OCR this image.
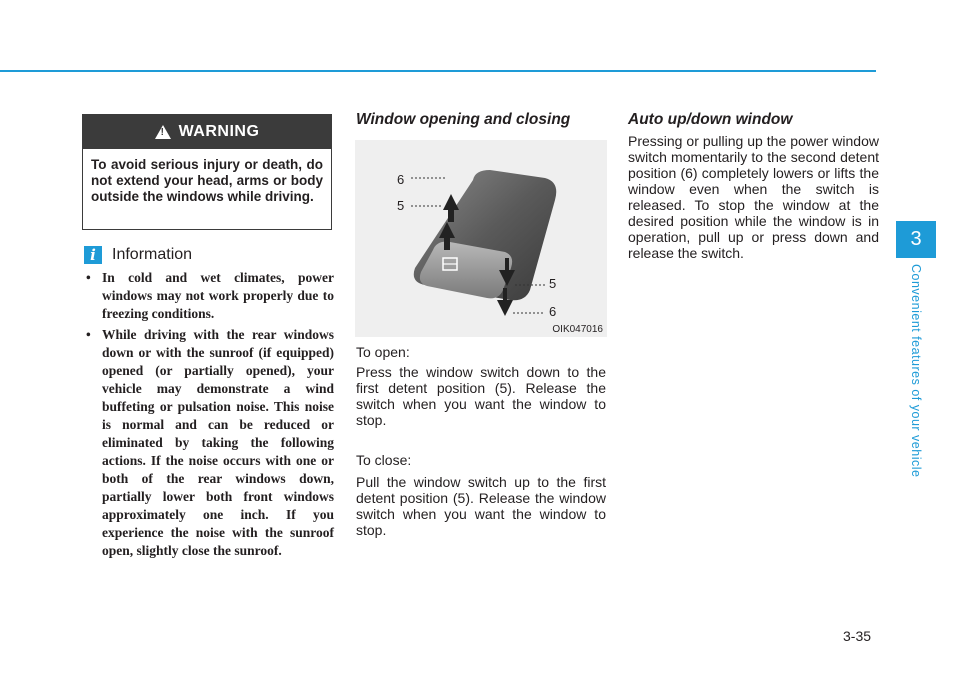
!
WARNING
To avoid serious injury or death, do not extend your head, arms or body outside the windows while driving.
i	Information
• In cold and wet climates, power windows may not work properly due to freezing conditions.
• While driving with the rear windows down or with the sunroof (if equipped) opened (or partially opened), your vehicle may demonstrate a wind buffeting or pulsation noise. This noise is normal and can be reduced or eliminated by taking the following actions. If the noise occurs with one or both of the rear windows down, partially lower both front windows approximately one inch. If you experience the noise with the sunroof open, slightly close the sunroof.
Window opening and closing
6
5
5
6
OIK047016
To open:
Press the window switch down to the first detent position (5). Release the switch when you want the window to stop.
To close:
Pull the window switch up to the first detent position (5). Release the window switch when you want the window to stop.
Auto up/down window
Pressing or pulling up the power window switch momentarily to the second detent position (6) completely lowers or lifts the window even when the switch is released. To stop the window at the desired position while the window is in operation, pull up or press down and release the switch.
3
Convenient features of your vehicle
3-35
